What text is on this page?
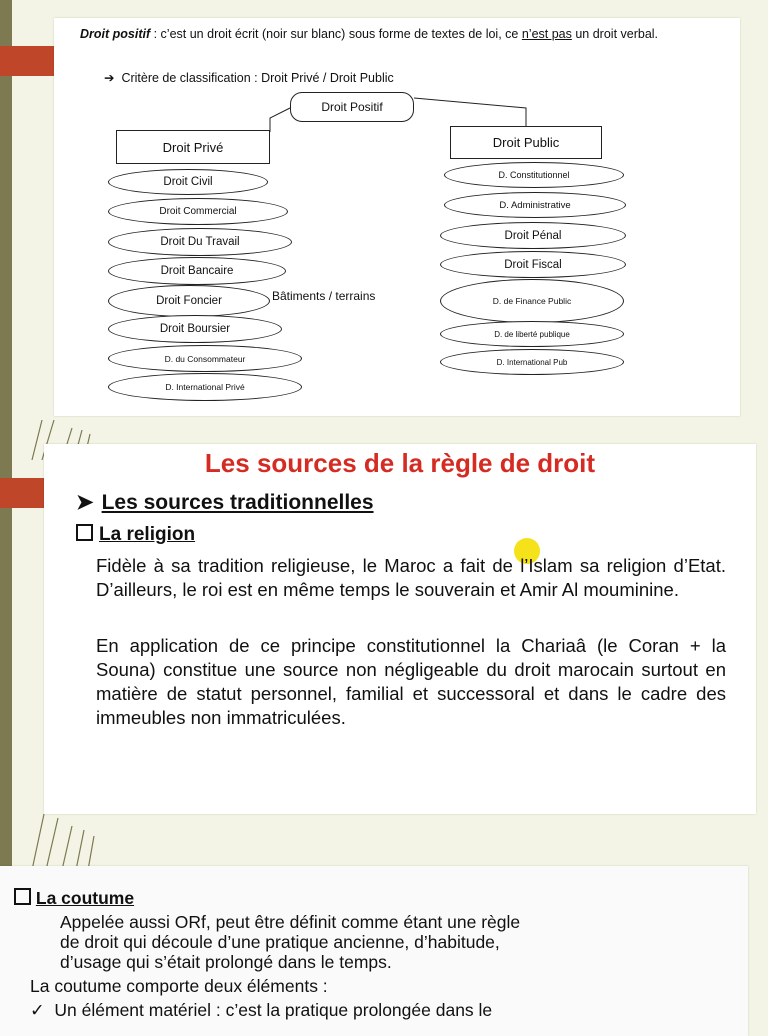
Droit positif : c’est un droit écrit (noir sur blanc) sous forme de textes de loi, ce n’est pas un droit verbal.
➔ Critère de classification : Droit Privé / Droit Public
Droit Positif
Droit Privé	Droit Public
Droit Civil
Droit Commercial
Droit Du Travail
Droit Bancaire
Droit Foncier
Droit Boursier
D. du Consommateur
D. International Privé
D. Constitutionnel
D. Administrative
Droit Pénal
Droit Fiscal
D. de Finance Public
D. de liberté publique
D. International Pub
Bâtiments / terrains
Les sources de la règle de droit
➤ Les sources traditionnelles
La religion
Fidèle à sa tradition religieuse, le Maroc a fait de l’Islam sa religion d’Etat. D’ailleurs, le roi est en même temps le souverain et Amir Al mouminine.
En application de ce principe constitutionnel la Chariaâ (le Coran + la Souna) constitue une source non négligeable du droit marocain surtout en matière de statut personnel, familial et successoral et dans le cadre des immeubles non immatriculées.
La coutume
Appelée aussi ORf, peut être définit comme étant une règle
de droit qui découle d’une pratique ancienne, d’habitude,
d’usage qui s’était prolongé dans le temps.
La coutume comporte deux éléments :
✓ Un élément matériel : c’est la pratique prolongée dans le
